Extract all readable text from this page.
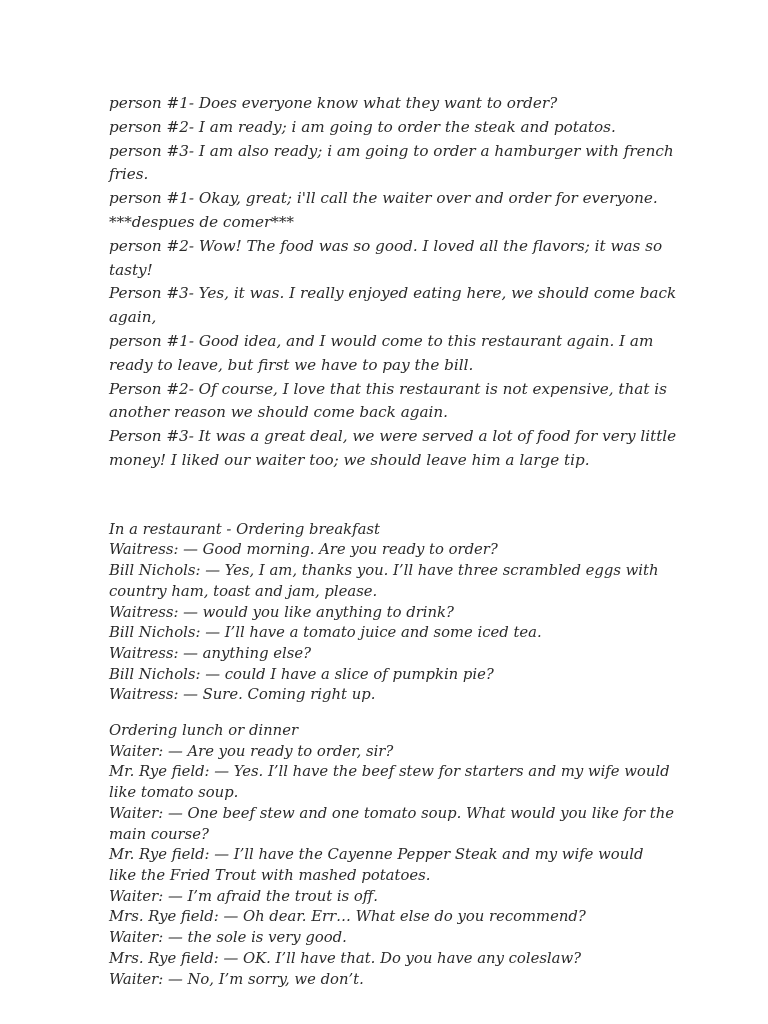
person #1- Does everyone know what they want to order?
person #2- I am ready; i am going to order the steak and potatos.
person #3- I am also ready; i am going to order a hamburger with french
fries.
person #1- Okay, great; i'll call the waiter over and order for everyone.
***despues de comer***
person #2- Wow! The food was so good. I loved all the flavors; it was so
tasty!
Person #3- Yes, it was. I really enjoyed eating here, we should come back
again,
person #1- Good idea, and I would come to this restaurant again. I am
ready to leave, but first we have to pay the bill.
Person #2- Of course, I love that this restaurant is not expensive, that is
another reason we should come back again.
Person #3- It was a great deal, we were served a lot of food for very little
money! I liked our waiter too; we should leave him a large tip.
In a restaurant - Ordering breakfast
Waitress: — Good morning. Are you ready to order?
Bill Nichols: — Yes, I am, thanks you. I’ll have three scrambled eggs with
country ham, toast and jam, please.
Waitress: — would you like anything to drink?
Bill Nichols: — I’ll have a tomato juice and some iced tea.
Waitress: — anything else?
Bill Nichols: — could I have a slice of pumpkin pie?
Waitress: — Sure. Coming right up.
Ordering lunch or dinner
Waiter: — Are you ready to order, sir?
Mr. Rye field: — Yes. I’ll have the beef stew for starters and my wife would
like tomato soup.
Waiter: — One beef stew and one tomato soup. What would you like for the
main course?
Mr. Rye field: — I’ll have the Cayenne Pepper Steak and my wife would
like the Fried Trout with mashed potatoes.
Waiter: — I’m afraid the trout is off.
Mrs. Rye field: — Oh dear. Err… What else do you recommend?
Waiter: — the sole is very good.
Mrs. Rye field: — OK. I’ll have that. Do you have any coleslaw?
Waiter: — No, I’m sorry, we don’t.
